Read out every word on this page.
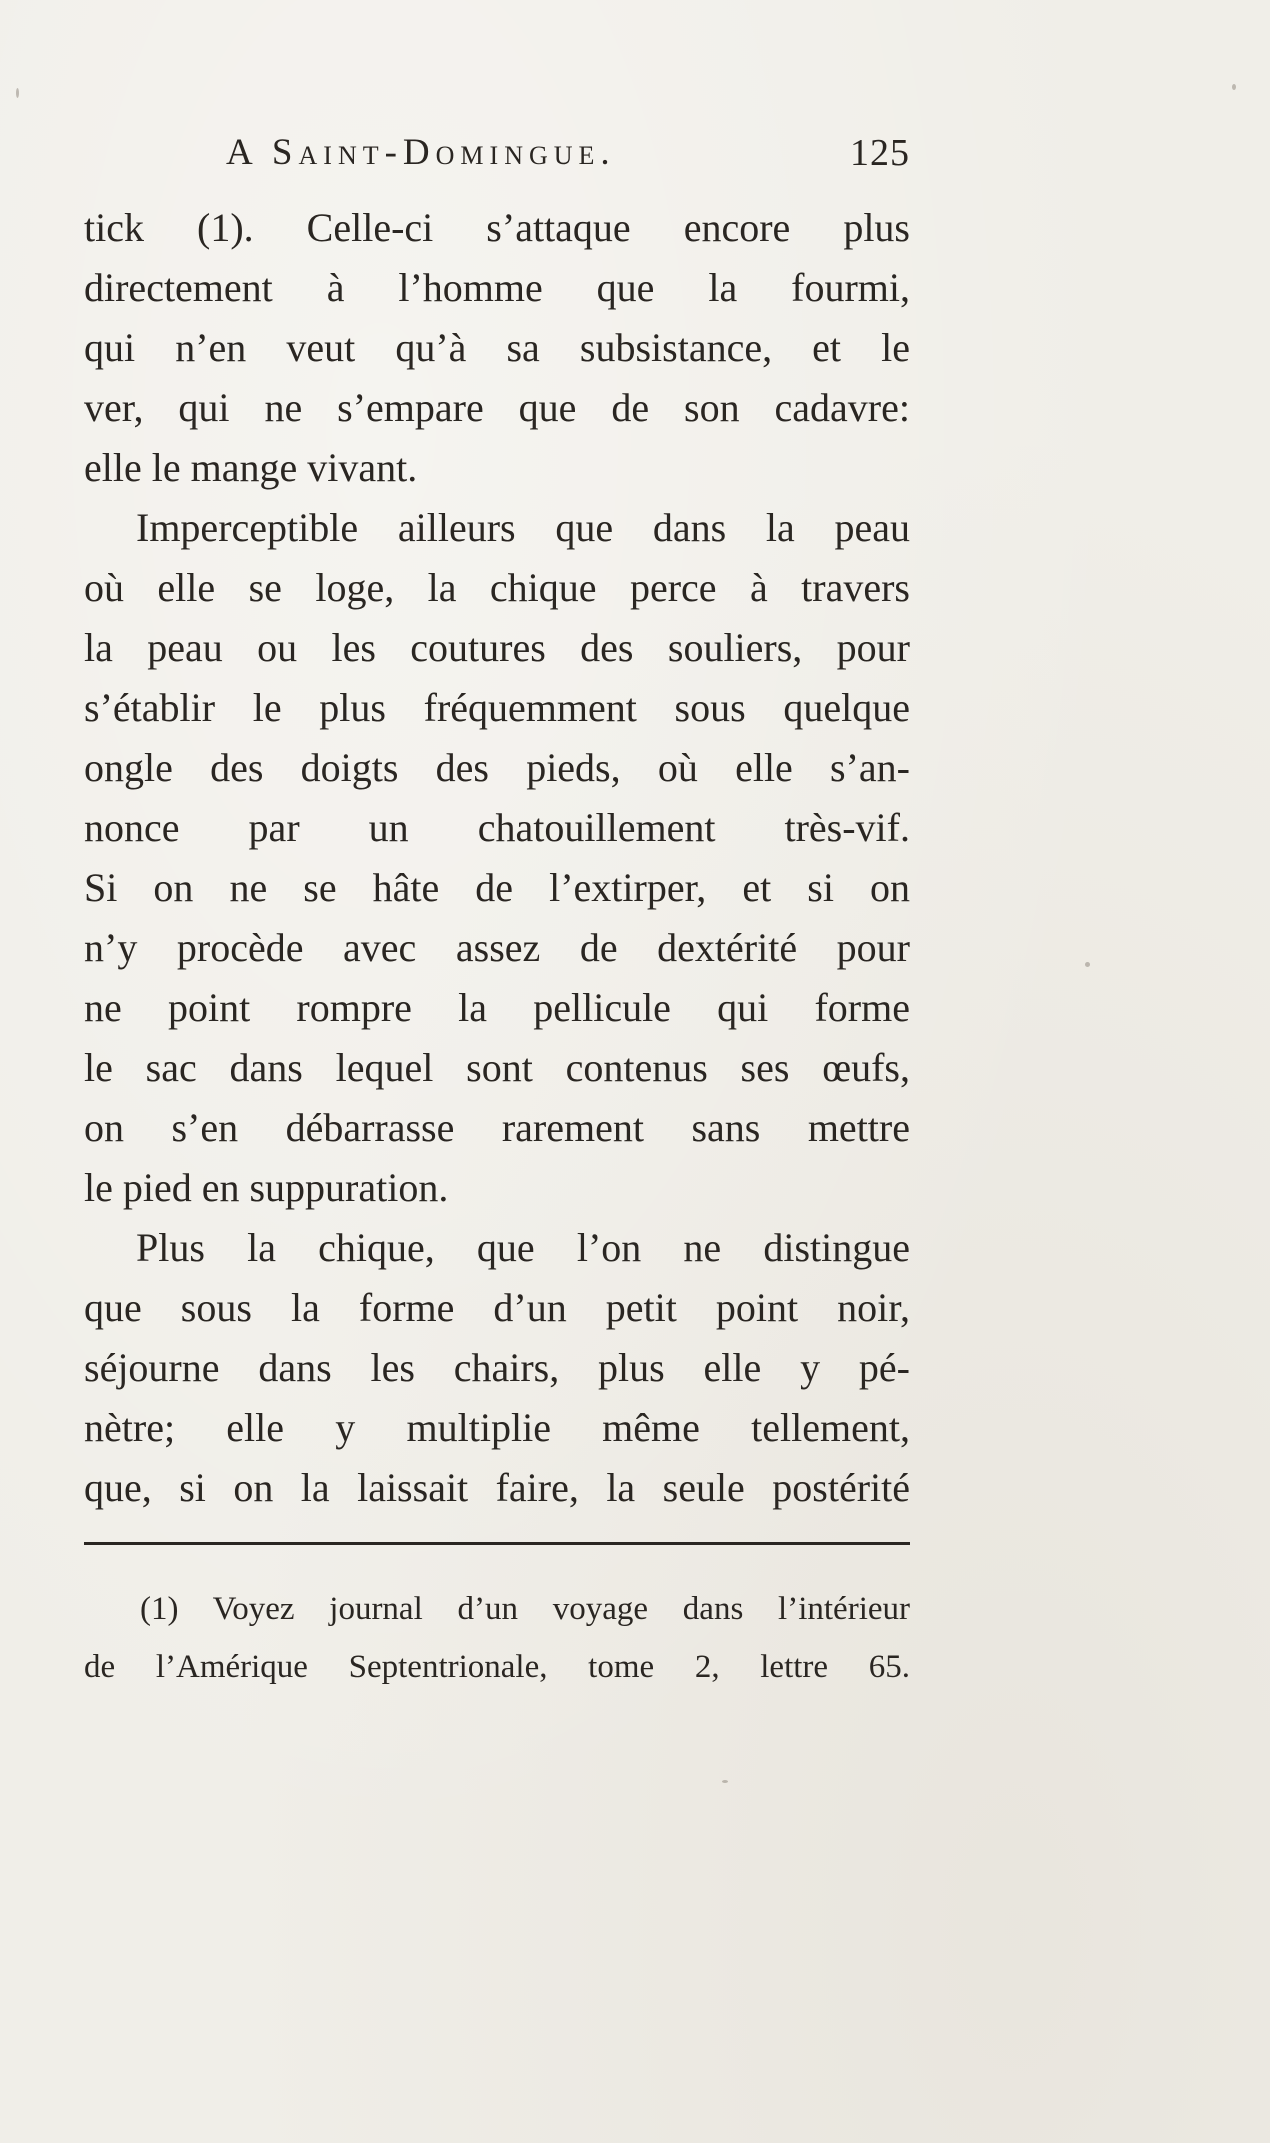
A Saint-Domingue.	125
tick (1). Celle-ci s’attaque encore plus
directement à l’homme que la fourmi,
qui n’en veut qu’à sa subsistance, et le
ver, qui ne s’empare que de son cadavre:
elle le mange vivant.
Imperceptible ailleurs que dans la peau
où elle se loge, la chique perce à travers
la peau ou les coutures des souliers, pour
s’établir le plus fréquemment sous quelque
ongle des doigts des pieds, où elle s’an-
nonce par un chatouillement très-vif.
Si on ne se hâte de l’extirper, et si on
n’y procède avec assez de dextérité pour
ne point rompre la pellicule qui forme
le sac dans lequel sont contenus ses œufs,
on s’en débarrasse rarement sans mettre
le pied en suppuration.
Plus la chique, que l’on ne distingue
que sous la forme d’un petit point noir,
séjourne dans les chairs, plus elle y pé-
nètre; elle y multiplie même tellement,
que, si on la laissait faire, la seule postérité
(1) Voyez journal d’un voyage dans l’intérieur
de l’Amérique Septentrionale, tome 2, lettre 65.
